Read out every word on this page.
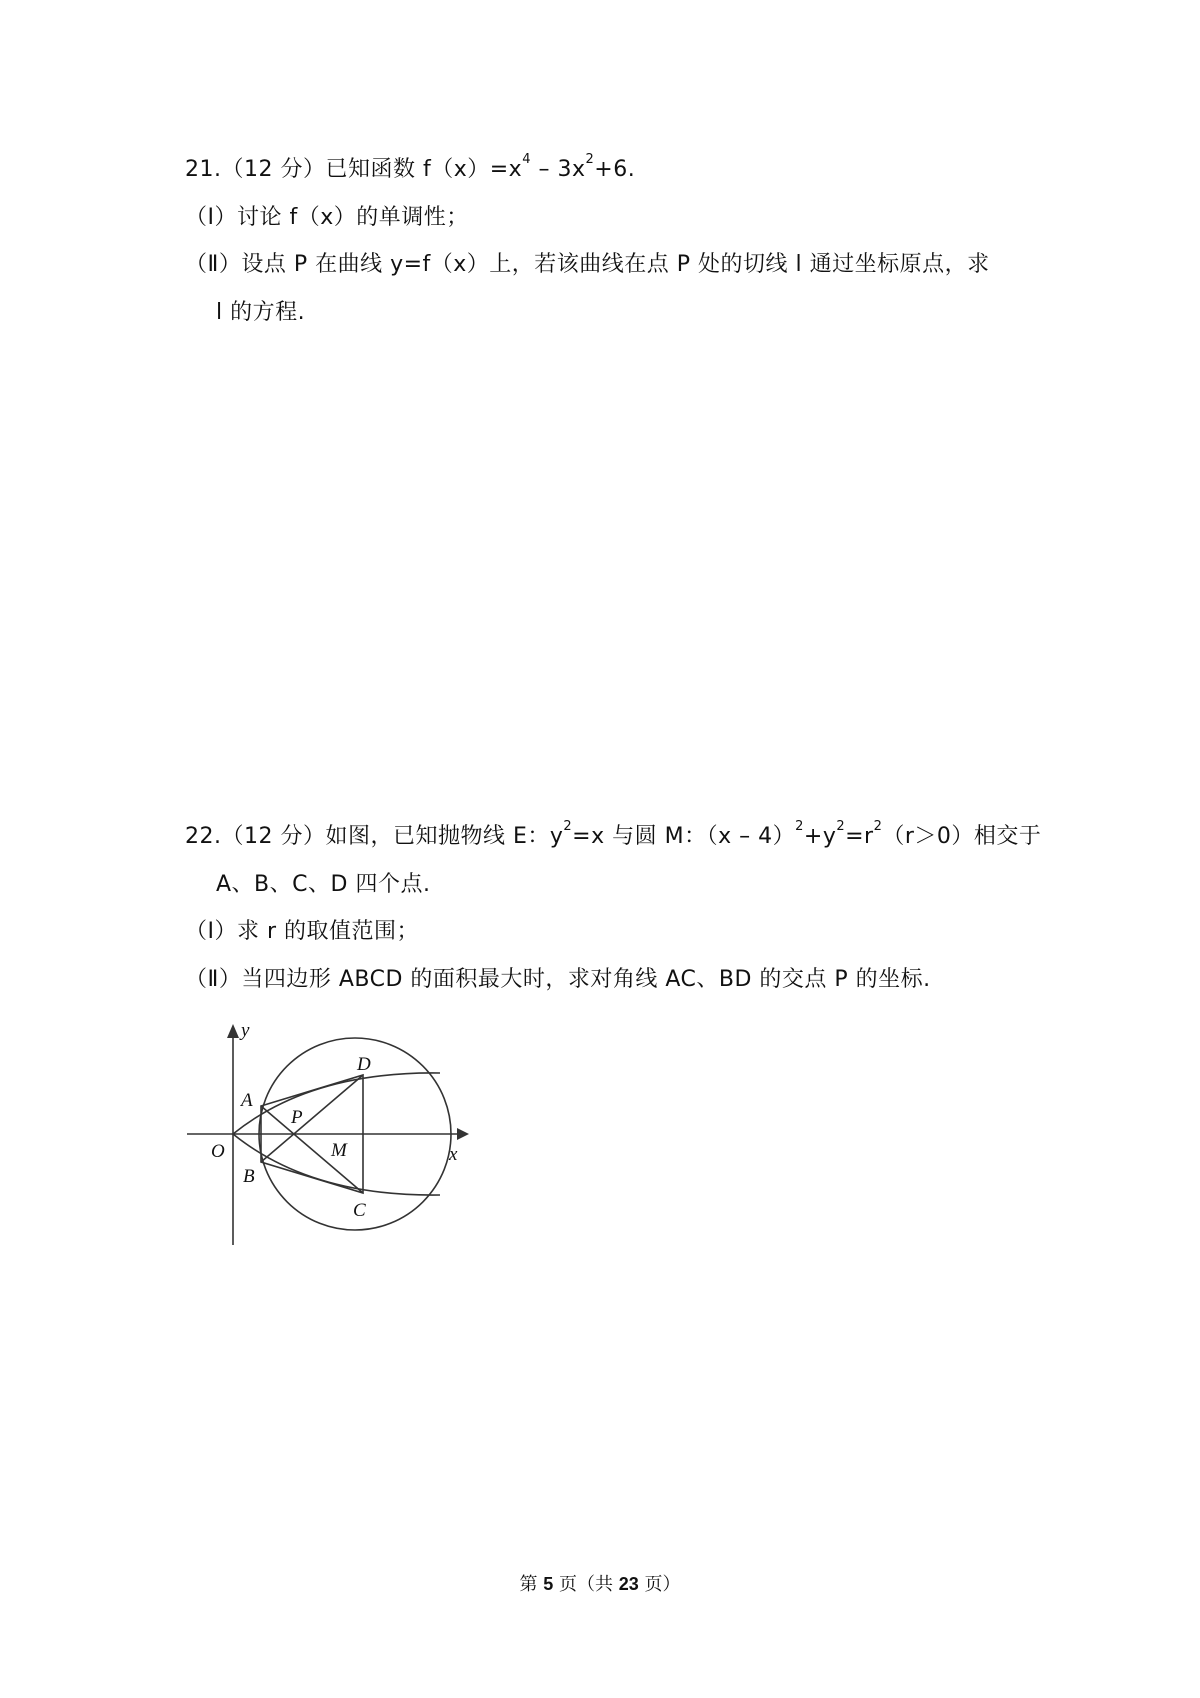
21.（12 分）已知函数 $f(x)=x^4 - 3x^2+6$.
（Ⅰ）讨论 f（x）的单调性；
（Ⅱ）设点 P 在曲线 y=f（x）上，若该曲线在点 P 处的切线 l 通过坐标原点，求
l 的方程.
22.（12 分）如图，已知抛物线 E：$y^2=x$ 与圆 M：$(x - 4)^2+y^2=r^2(r>0)$相交于
A、B、C、D 四个点.
（Ⅰ）求 r 的取值范围；
（Ⅱ）当四边形 ABCD 的面积最大时，求对角线 AC、BD 的交点 P 的坐标.
y
x
O
A
B
C
D
P
M
第 5 页（共 23 页）
